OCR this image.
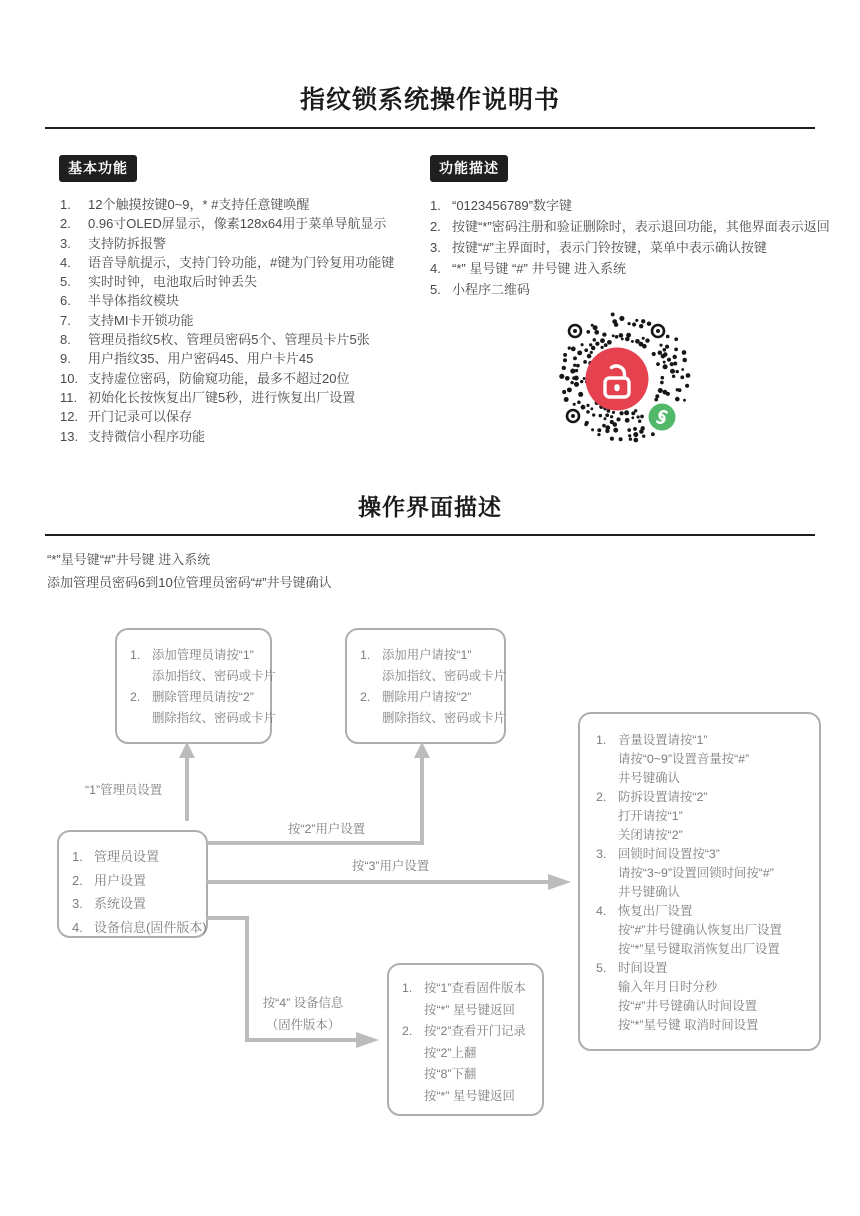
指纹锁系统操作说明书
基本功能	功能描述
1.	12个触摸按键0~9，* #支持任意键唤醒
2.	0.96寸OLED屏显示，像素128x64用于菜单导航显示
3.	支持防拆报警
4.	语音导航提示，支持门铃功能，#键为门铃复用功能键
5.	实时时钟，电池取后时钟丢失
6.	半导体指纹模块
7.	支持MI卡开锁功能
8.	管理员指纹5枚、管理员密码5个、管理员卡片5张
9.	用户指纹35、用户密码45、用户卡片45
10. 支持虚位密码，防偷窥功能，最多不超过20位
11. 初始化长按恢复出厂键5秒，进行恢复出厂设置
12. 开门记录可以保存
13. 支持微信小程序功能
1. “0123456789”数字键
2. 按键“*”密码注册和验证删除时，表示退回功能，其他界面表示返回
3. 按键“#”主界面时，表示门铃按键，菜单中表示确认按键
4. “*” 星号键 “#” 井号键 进入系统
5. 小程序二维码
操作界面描述
“*”星号键“#”井号键 进入系统
添加管理员密码6到10位管理员密码“#”井号键确认
1. 添加管理员请按“1”
添加指纹、密码或卡片
2. 删除管理员请按“2”
删除指纹、密码或卡片
1. 添加用户请按“1”
添加指纹、密码或卡片
2. 删除用户请按“2”
删除指纹、密码或卡片
1. 音量设置请按“1”
请按“0~9”设置音量按“#”
井号键确认
2. 防拆设置请按“2”
打开请按“1”
关闭请按“2”
3. 回锁时间设置按“3”
请按“3~9”设置回锁时间按“#”
井号键确认
4. 恢复出厂设置
按“#”井号键确认恢复出厂设置
按“*”星号键取消恢复出厂设置
5. 时间设置
输入年月日时分秒
按“#”井号键确认时间设置
按“*”星号键 取消时间设置
1. 管理员设置
2. 用户设置
3. 系统设置
4. 设备信息(固件版本)
1. 按“1”查看固件版本
按“*” 星号键返回
2. 按“2”查看开门记录
按“2”上翻
按“8”下翻
按“*” 星号键返回
“1”管理员设置
按“2”用户设置
按“3”用户设置
按“4” 设备信息
（固件版本）
